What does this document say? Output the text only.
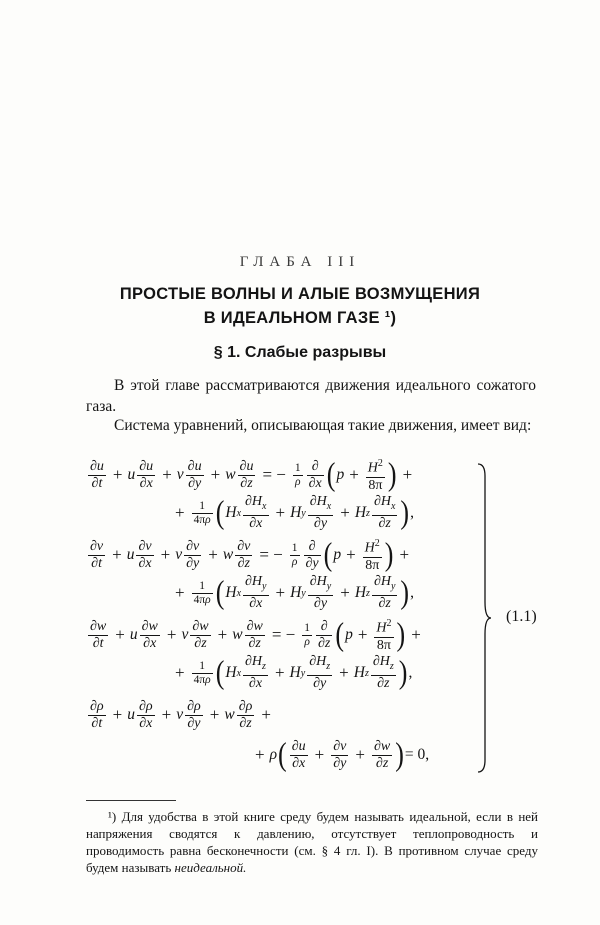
ГЛАБА III
ПРОСТЫЕ ВОЛНЫ И АЛЫЕ ВОЗМУЩЕНИЯ
В ИДЕАЛЬНОМ ГАЗЕ ¹)
§ 1. Слабые разрывы

В этой главе рассматриваются движения идеального сожатого газа.

Система уравнений, описывающая такие движения, имеет вид:

$\frac{\partial u}{\partial t} + u \frac{\partial u}{\partial x} + v \frac{\partial u}{\partial y} + w \frac{\partial u}{\partial z}$ = − $\frac{1}{\rho} \frac{\partial}{\partial x}$ ( $p + \frac{H^2}{8\pi}$ ) +
+ $\frac{1}{4\pi\rho}$ ( H x $\frac{\partial H_x}{\partial x} + H$ y $\frac{\partial H_x}{\partial y} + H$ z $\frac{\partial H_x}{\partial z}$ ) ,
$\frac{\partial v}{\partial t} + u \frac{\partial v}{\partial x} + v \frac{\partial v}{\partial y} + w \frac{\partial v}{\partial z}$ = − $\frac{1}{\rho} \frac{\partial}{\partial y}$ ( $p + \frac{H^2}{8\pi}$ ) +
+ $\frac{1}{4\pi\rho}$ ( H x $\frac{\partial H_y}{\partial x} + H$ y $\frac{\partial H_y}{\partial y} + H$ z $\frac{\partial H_y}{\partial z}$ ) ,
$\frac{\partial w}{\partial t} + u \frac{\partial w}{\partial x} + v \frac{\partial w}{\partial z} + w \frac{\partial w}{\partial z}$ = − $\frac{1}{\rho} \frac{\partial}{\partial z}$ ( $p + \frac{H^2}{8\pi}$ ) +
+ $\frac{1}{4\pi\rho}$ ( H x $\frac{\partial H_z}{\partial x} + H$ y $\frac{\partial H_z}{\partial y} + H$ z $\frac{\partial H_z}{\partial z}$ ) ,
$\frac{\partial\rho}{\partial t} + u \frac{\partial\rho}{\partial x} + v \frac{\partial\rho}{\partial y} + w \frac{\partial\rho}{\partial z}$ +
+ ρ ( $\frac{\partial u}{\partial x} + \frac{\partial v}{\partial y} + \frac{\partial w}{\partial z}$ ) = 0,
(1.1)

¹) Для удобства в этой книге среду будем называть идеальной, если в ней напряжения сводятся к давлению, отсутствует теплопроводность и проводимость равна бесконечности (см. § 4 гл. I). В противном случае среду будем называть неидеальной.
